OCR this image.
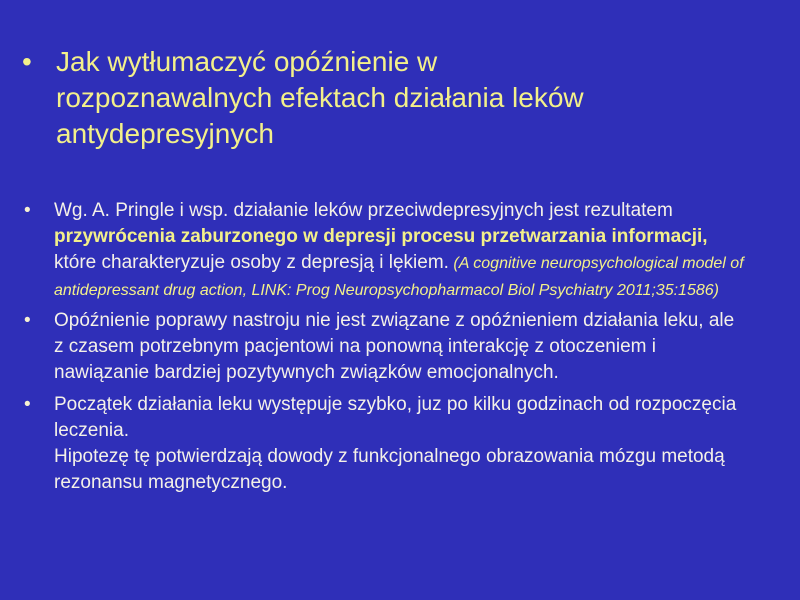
• Jak wytłumaczyć opóźnienie w
rozpoznawalnych efektach działania leków
antydepresyjnych
•	Wg. A. Pringle i wsp. działanie leków przeciwdepresyjnych jest rezultatem przywrócenia zaburzonego w depresji procesu przetwarzania informacji, które charakteryzuje osoby z depresją i lękiem. (A cognitive neuropsychological model of antidepressant drug action, LINK: Prog Neuropsychopharmacol Biol Psychiatry 2011;35:1586)
•	Opóźnienie poprawy nastroju nie jest związane z opóźnieniem działania leku, ale z czasem potrzebnym pacjentowi na ponowną interakcję z otoczeniem i nawiązanie bardziej pozytywnych związków emocjonalnych.
•	Początek działania leku występuje szybko, juz po kilku godzinach od rozpoczęcia leczenia.
Hipotezę tę potwierdzają dowody z funkcjonalnego obrazowania mózgu metodą rezonansu magnetycznego.
